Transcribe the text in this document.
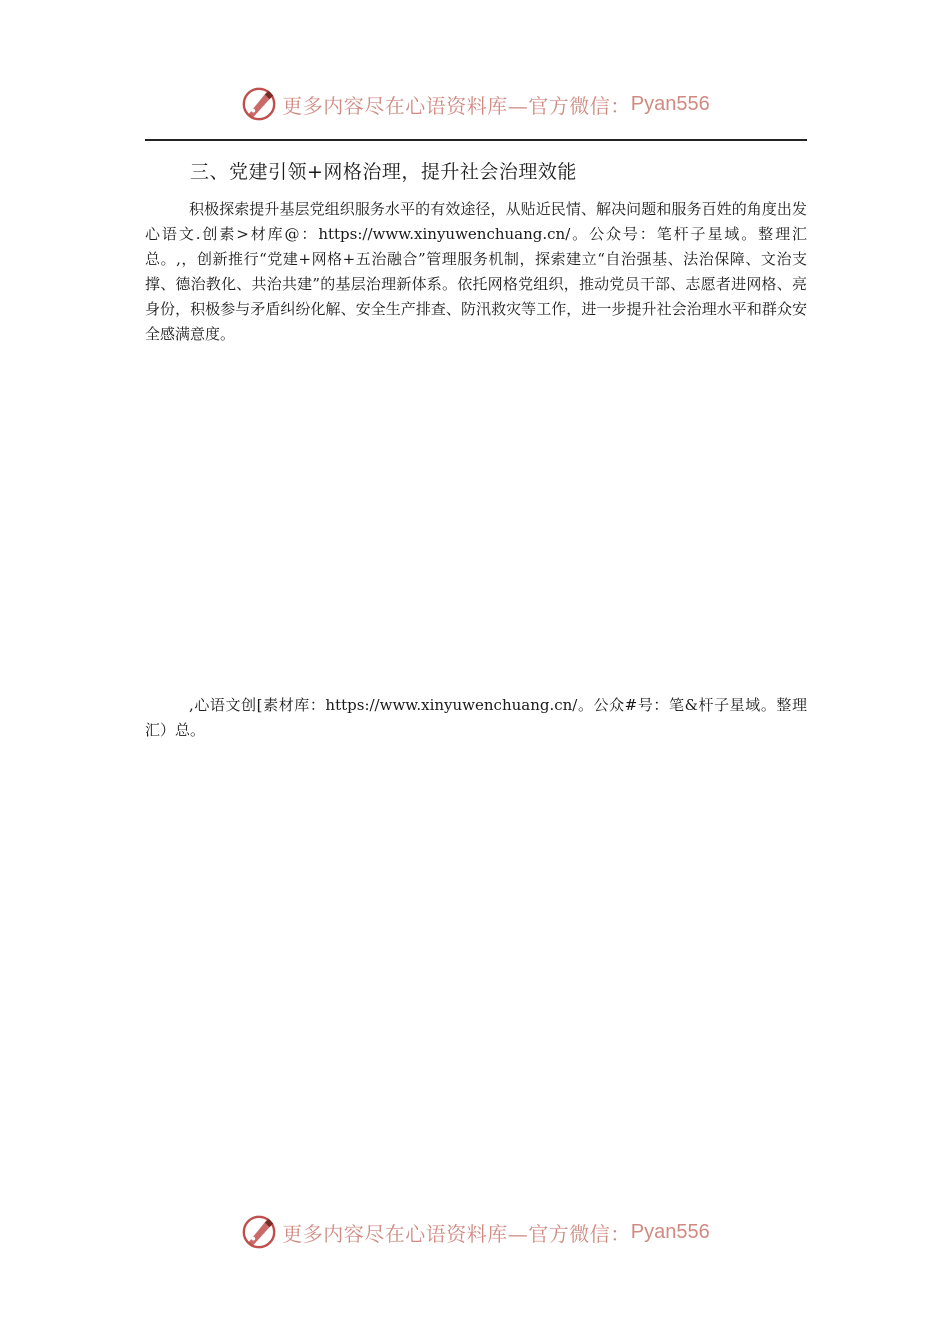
更多内容尽在心语资料库—官方微信： Pyan556
三、党建引领+网格治理，提升社会治理效能

积极探索提升基层党组织服务水平的有效途径，从贴近民情、解决问题和服务百姓的角度出发心语文.创素>材库@：https://www.xinyuwenchuang.cn/。公众号：笔杆子星域。整理汇总。,，创新推行“党建+网格+五治融合”管理服务机制，探索建立“自治强基、法治保障、文治支撑、德治教化、共治共建”的基层治理新体系。依托网格党组织，推动党员干部、志愿者进网格、亮身份，积极参与矛盾纠纷化解、安全生产排查、防汛救灾等工作，进一步提升社会治理水平和群众安全感满意度。

,心语文创[素材库：https://www.xinyuwenchuang.cn/。公众#号：笔&杆子星域。整理汇）总。

更多内容尽在心语资料库—官方微信： Pyan556
